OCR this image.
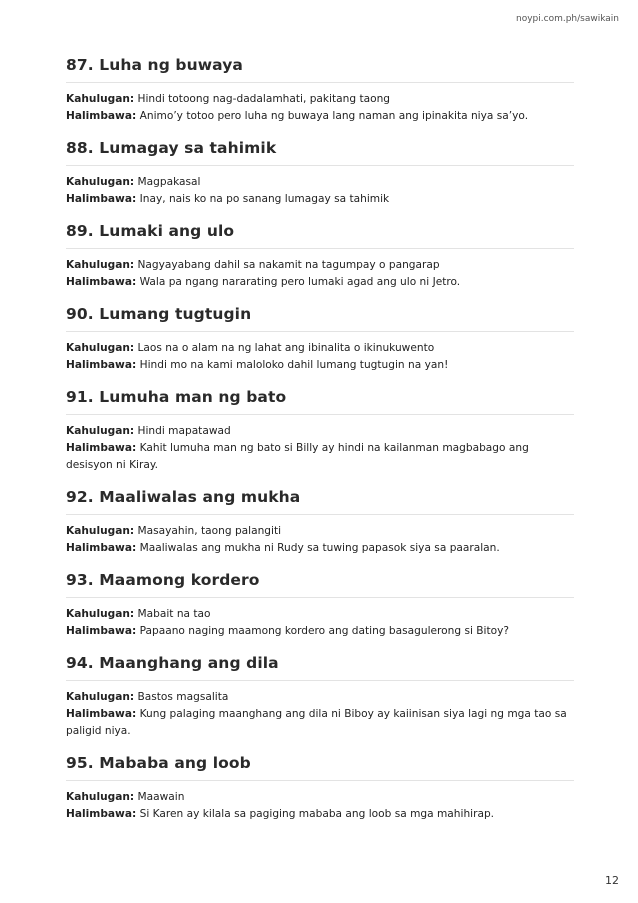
noypi.com.ph/sawikain
87. Luha ng buwaya

Kahulugan: Hindi totoong nag-dadalamhati, pakitang taong

Halimbawa: Animo’y totoo pero luha ng buwaya lang naman ang ipinakita niya sa’yo.

88. Lumagay sa tahimik

Kahulugan: Magpakasal

Halimbawa: Inay, nais ko na po sanang lumagay sa tahimik

89. Lumaki ang ulo

Kahulugan: Nagyayabang dahil sa nakamit na tagumpay o pangarap

Halimbawa: Wala pa ngang nararating pero lumaki agad ang ulo ni Jetro.

90. Lumang tugtugin

Kahulugan: Laos na o alam na ng lahat ang ibinalita o ikinukuwento

Halimbawa: Hindi mo na kami maloloko dahil lumang tugtugin na yan!

91. Lumuha man ng bato

Kahulugan: Hindi mapatawad

Halimbawa: Kahit lumuha man ng bato si Billy ay hindi na kailanman magbabago ang desisyon ni Kiray.

92. Maaliwalas ang mukha

Kahulugan: Masayahin, taong palangiti

Halimbawa: Maaliwalas ang mukha ni Rudy sa tuwing papasok siya sa paaralan.

93. Maamong kordero

Kahulugan: Mabait na tao

Halimbawa: Papaano naging maamong kordero ang dating basagulerong si Bitoy?

94. Maanghang ang dila

Kahulugan: Bastos magsalita

Halimbawa: Kung palaging maanghang ang dila ni Biboy ay kaiinisan siya lagi ng mga tao sa paligid niya.

95. Mababa ang loob

Kahulugan: Maawain

Halimbawa: Si Karen ay kilala sa pagiging mababa ang loob sa mga mahihirap.

12
